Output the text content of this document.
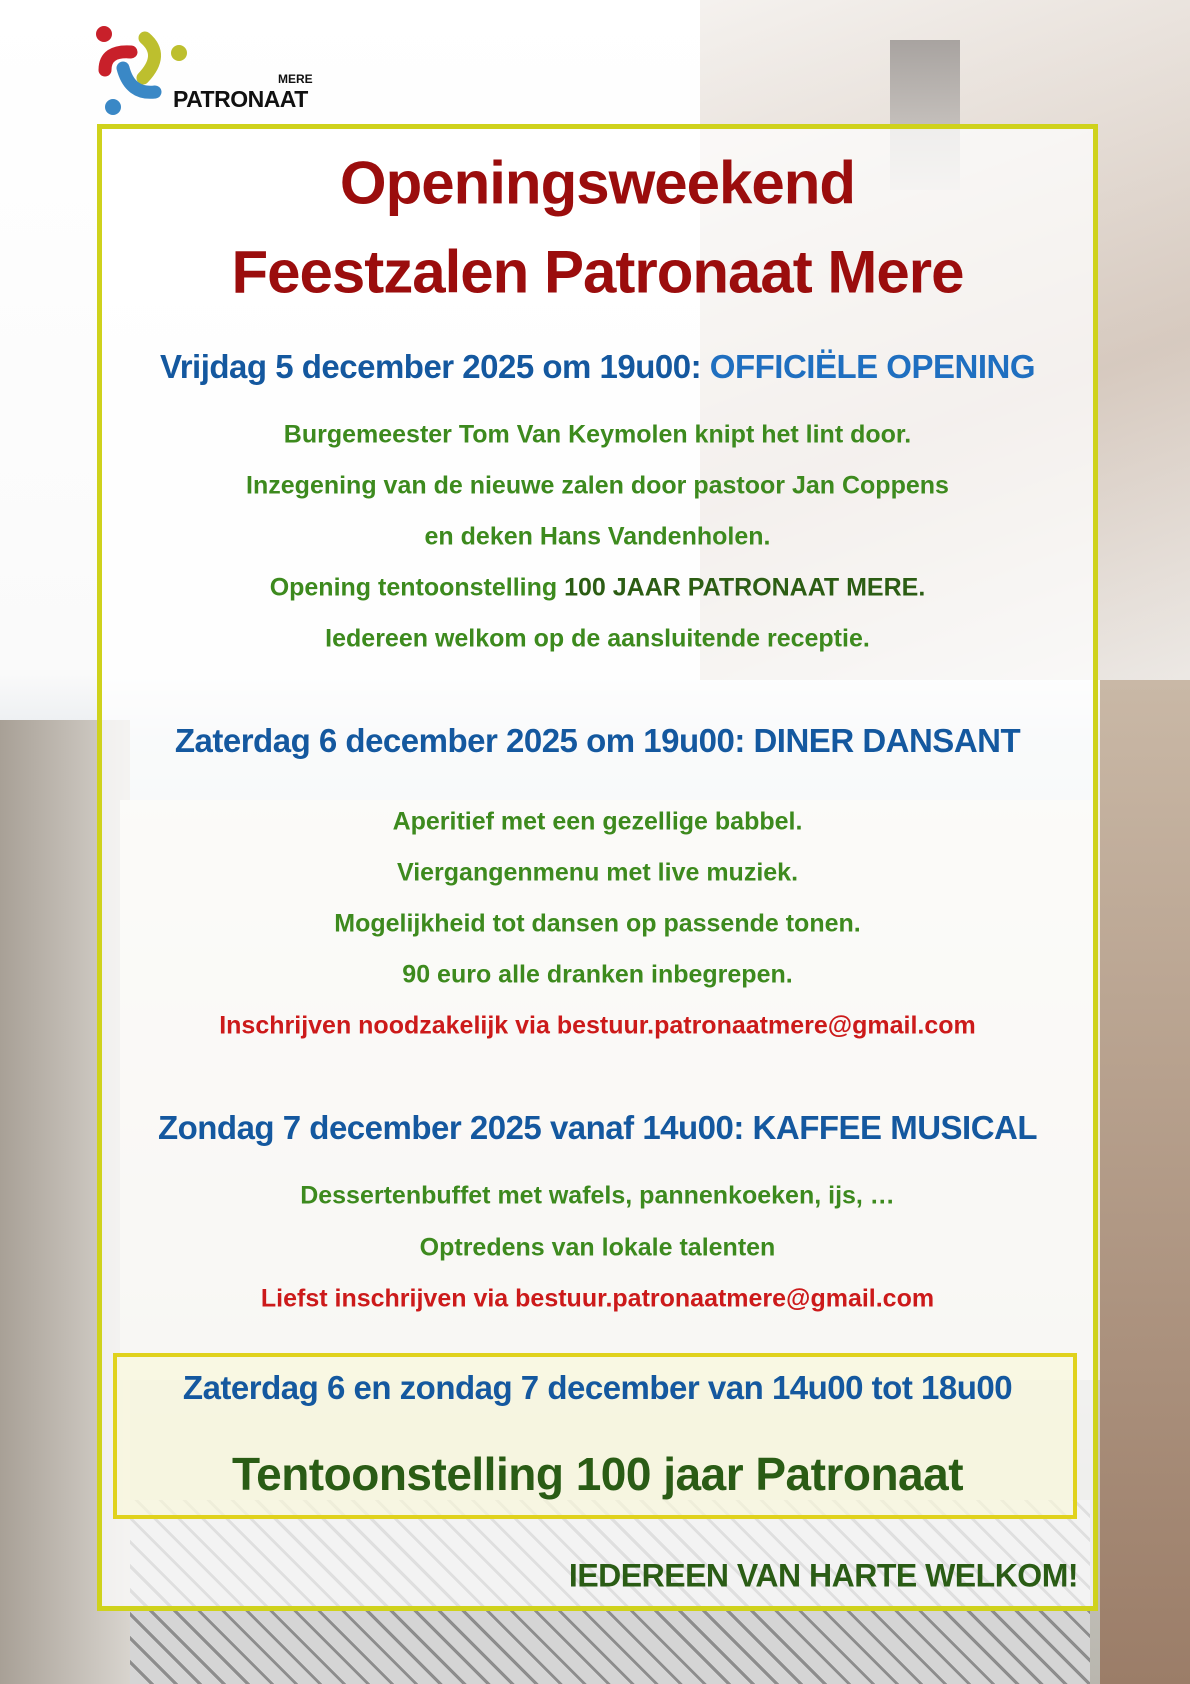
MERE
PATRONAAT
Openingsweekend
Feestzalen Patronaat Mere
Vrijdag 5 december 2025 om 19u00: OFFICIËLE OPENING
Burgemeester Tom Van Keymolen knipt het lint door.
Inzegening van de nieuwe zalen door pastoor Jan Coppens
en deken Hans Vandenholen.
Opening tentoonstelling 100 JAAR PATRONAAT MERE.
Iedereen welkom op de aansluitende receptie.
Zaterdag 6 december 2025 om 19u00: DINER DANSANT
Aperitief met een gezellige babbel.
Viergangenmenu met live muziek.
Mogelijkheid tot dansen op passende tonen.
90 euro alle dranken inbegrepen.
Inschrijven noodzakelijk via bestuur.patronaatmere@gmail.com
Zondag 7 december 2025 vanaf 14u00: KAFFEE MUSICAL
Dessertenbuffet met wafels, pannenkoeken, ijs, …
Optredens van lokale talenten
Liefst inschrijven via bestuur.patronaatmere@gmail.com
Zaterdag 6 en zondag 7 december van 14u00 tot 18u00
Tentoonstelling 100 jaar Patronaat
IEDEREEN VAN HARTE WELKOM!
